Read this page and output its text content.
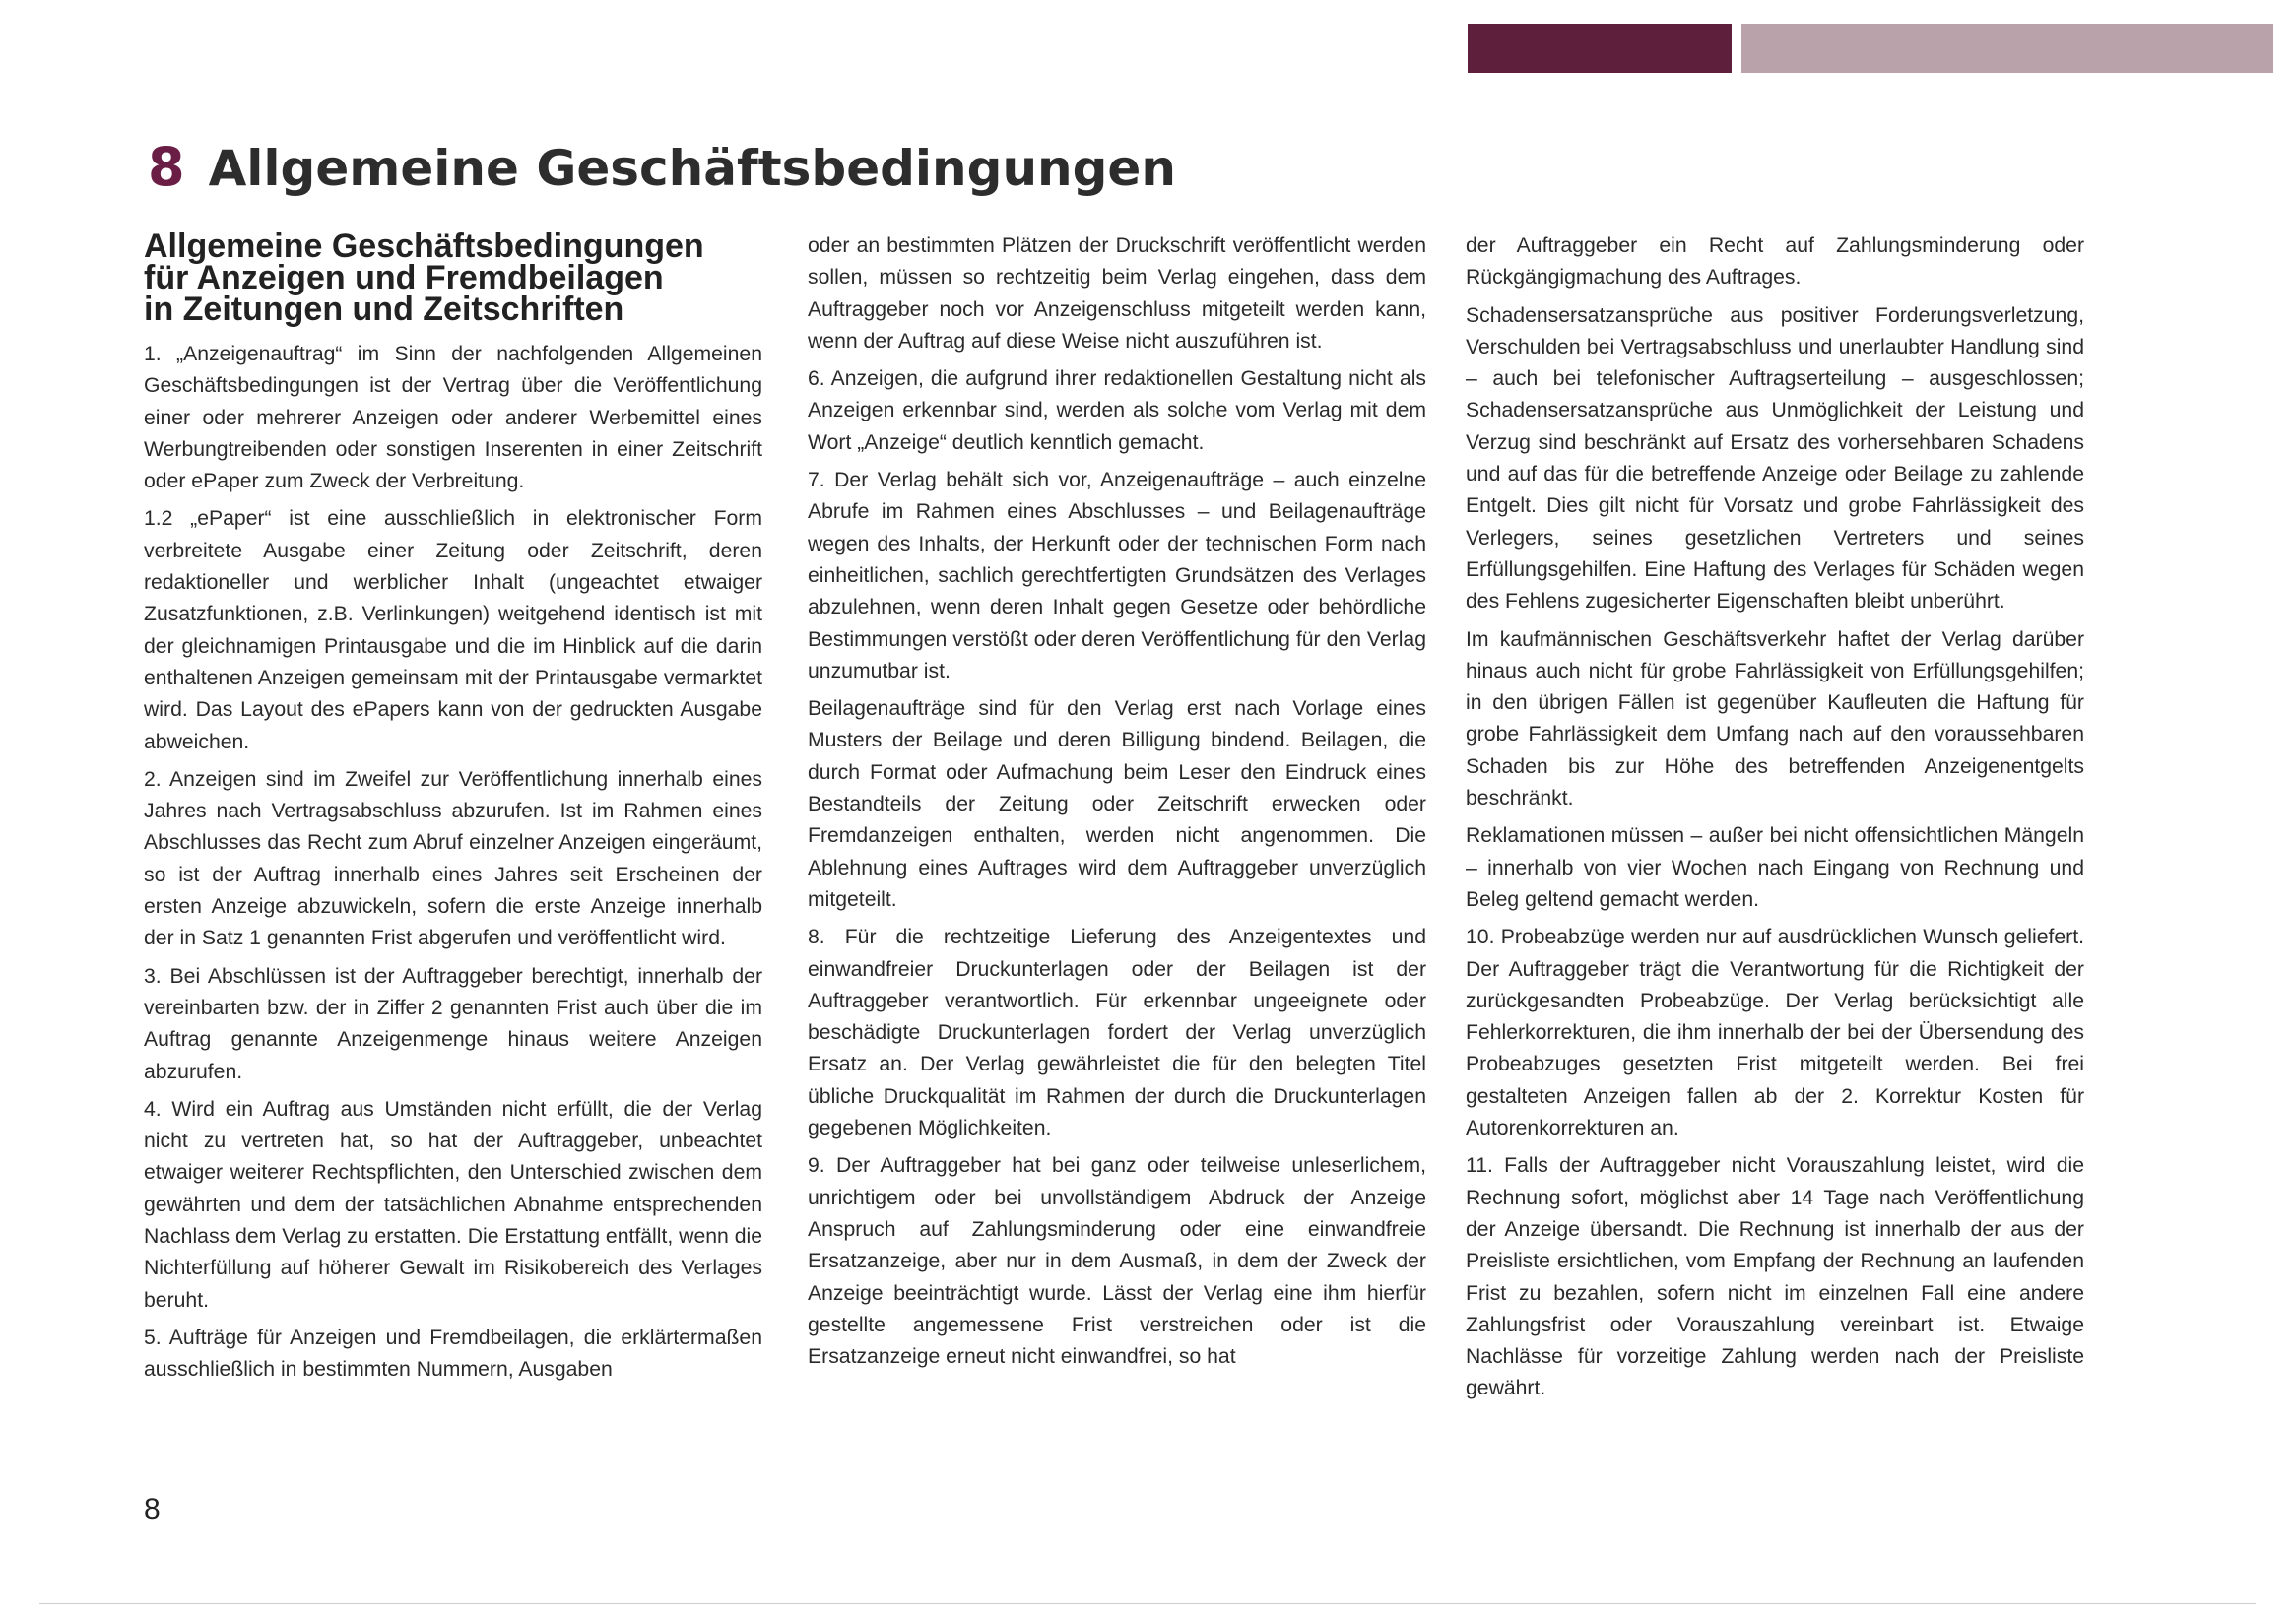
8 Allgemeine Geschäftsbedingungen
Allgemeine Geschäftsbedingungen
für Anzeigen und Fremdbeilagen
in Zeitungen und Zeitschriften

1. „Anzeigenauftrag“ im Sinn der nachfolgenden Allgemeinen Geschäftsbedingungen ist der Vertrag über die Veröffentlichung einer oder mehrerer Anzeigen oder anderer Werbemittel eines Werbungtreibenden oder sonstigen Inserenten in einer Zeitschrift oder ePaper zum Zweck der Verbreitung.

1.2 „ePaper“ ist eine ausschließlich in elektronischer Form verbreitete Ausgabe einer Zeitung oder Zeitschrift, deren redaktioneller und werblicher Inhalt (ungeachtet etwaiger Zusatzfunktionen, z.B. Verlinkungen) weitgehend identisch ist mit der gleichnamigen Printausgabe und die im Hinblick auf die darin enthaltenen Anzeigen gemeinsam mit der Printausgabe vermarktet wird. Das Layout des ePapers kann von der gedruckten Ausgabe abweichen.

2. Anzeigen sind im Zweifel zur Veröffentlichung innerhalb eines Jahres nach Vertragsabschluss abzurufen. Ist im Rahmen eines Abschlusses das Recht zum Abruf einzelner Anzeigen eingeräumt, so ist der Auftrag innerhalb eines Jahres seit Erscheinen der ersten Anzeige abzuwickeln, sofern die erste Anzeige innerhalb der in Satz 1 genannten Frist abgerufen und veröffentlicht wird.

3. Bei Abschlüssen ist der Auftraggeber berechtigt, innerhalb der vereinbarten bzw. der in Ziffer 2 genannten Frist auch über die im Auftrag genannte Anzeigenmenge hinaus weitere Anzeigen abzurufen.

4. Wird ein Auftrag aus Umständen nicht erfüllt, die der Verlag nicht zu vertreten hat, so hat der Auftraggeber, unbeachtet etwaiger weiterer Rechtspflichten, den Unterschied zwischen dem gewährten und dem der tatsächlichen Abnahme entsprechenden Nachlass dem Verlag zu erstatten. Die Erstattung entfällt, wenn die Nichterfüllung auf höherer Gewalt im Risikobereich des Verlages beruht.

5. Aufträge für Anzeigen und Fremdbeilagen, die erklärtermaßen ausschließlich in bestimmten Nummern, Ausgaben

oder an bestimmten Plätzen der Druckschrift veröffentlicht werden sollen, müssen so rechtzeitig beim Verlag eingehen, dass dem Auftraggeber noch vor Anzeigenschluss mitgeteilt werden kann, wenn der Auftrag auf diese Weise nicht auszuführen ist.

6. Anzeigen, die aufgrund ihrer redaktionellen Gestaltung nicht als Anzeigen erkennbar sind, werden als solche vom Verlag mit dem Wort „Anzeige“ deutlich kenntlich gemacht.

7. Der Verlag behält sich vor, Anzeigenaufträge – auch einzelne Abrufe im Rahmen eines Abschlusses – und Beilagenaufträge wegen des Inhalts, der Herkunft oder der technischen Form nach einheitlichen, sachlich gerechtfertigten Grundsätzen des Verlages abzulehnen, wenn deren Inhalt gegen Gesetze oder behördliche Bestimmungen verstößt oder deren Veröffentlichung für den Verlag unzumutbar ist.

Beilagenaufträge sind für den Verlag erst nach Vorlage eines Musters der Beilage und deren Billigung bindend. Beilagen, die durch Format oder Aufmachung beim Leser den Eindruck eines Bestandteils der Zeitung oder Zeitschrift erwecken oder Fremdanzeigen enthalten, werden nicht angenommen. Die Ablehnung eines Auftrages wird dem Auftraggeber unverzüglich mitgeteilt.

8. Für die rechtzeitige Lieferung des Anzeigentextes und einwandfreier Druckunterlagen oder der Beilagen ist der Auftraggeber verantwortlich. Für erkennbar ungeeignete oder beschädigte Druckunterlagen fordert der Verlag unverzüglich Ersatz an. Der Verlag gewährleistet die für den belegten Titel übliche Druckqualität im Rahmen der durch die Druckunterlagen gegebenen Möglichkeiten.

9. Der Auftraggeber hat bei ganz oder teilweise unleserlichem, unrichtigem oder bei unvollständigem Abdruck der Anzeige Anspruch auf Zahlungsminderung oder eine einwandfreie Ersatzanzeige, aber nur in dem Ausmaß, in dem der Zweck der Anzeige beeinträchtigt wurde. Lässt der Verlag eine ihm hierfür gestellte angemessene Frist verstreichen oder ist die Ersatzanzeige erneut nicht einwandfrei, so hat

der Auftraggeber ein Recht auf Zahlungsminderung oder Rückgängigmachung des Auftrages.

Schadensersatzansprüche aus positiver Forderungsverletzung, Verschulden bei Vertragsabschluss und unerlaubter Handlung sind – auch bei telefonischer Auftragserteilung – ausgeschlossen; Schadensersatzansprüche aus Unmöglichkeit der Leistung und Verzug sind beschränkt auf Ersatz des vorhersehbaren Schadens und auf das für die betreffende Anzeige oder Beilage zu zahlende Entgelt. Dies gilt nicht für Vorsatz und grobe Fahrlässigkeit des Verlegers, seines gesetzlichen Vertreters und seines Erfüllungsgehilfen. Eine Haftung des Verlages für Schäden wegen des Fehlens zugesicherter Eigenschaften bleibt unberührt.

Im kaufmännischen Geschäftsverkehr haftet der Verlag darüber hinaus auch nicht für grobe Fahrlässigkeit von Erfüllungsgehilfen; in den übrigen Fällen ist gegenüber Kaufleuten die Haftung für grobe Fahrlässigkeit dem Umfang nach auf den voraussehbaren Schaden bis zur Höhe des betreffenden Anzeigenentgelts beschränkt.

Reklamationen müssen – außer bei nicht offensichtlichen Mängeln – innerhalb von vier Wochen nach Eingang von Rechnung und Beleg geltend gemacht werden.

10. Probeabzüge werden nur auf ausdrücklichen Wunsch geliefert. Der Auftraggeber trägt die Verantwortung für die Richtigkeit der zurückgesandten Probeabzüge. Der Verlag berücksichtigt alle Fehlerkorrekturen, die ihm innerhalb der bei der Übersendung des Probeabzuges gesetzten Frist mitgeteilt werden. Bei frei gestalteten Anzeigen fallen ab der 2. Korrektur Kosten für Autorenkorrekturen an.

11. Falls der Auftraggeber nicht Vorauszahlung leistet, wird die Rechnung sofort, möglichst aber 14 Tage nach Veröffentlichung der Anzeige übersandt. Die Rechnung ist innerhalb der aus der Preisliste ersichtlichen, vom Empfang der Rechnung an laufenden Frist zu bezahlen, sofern nicht im einzelnen Fall eine andere Zahlungsfrist oder Vorauszahlung vereinbart ist. Etwaige Nachlässe für vorzeitige Zahlung werden nach der Preisliste gewährt.

8
